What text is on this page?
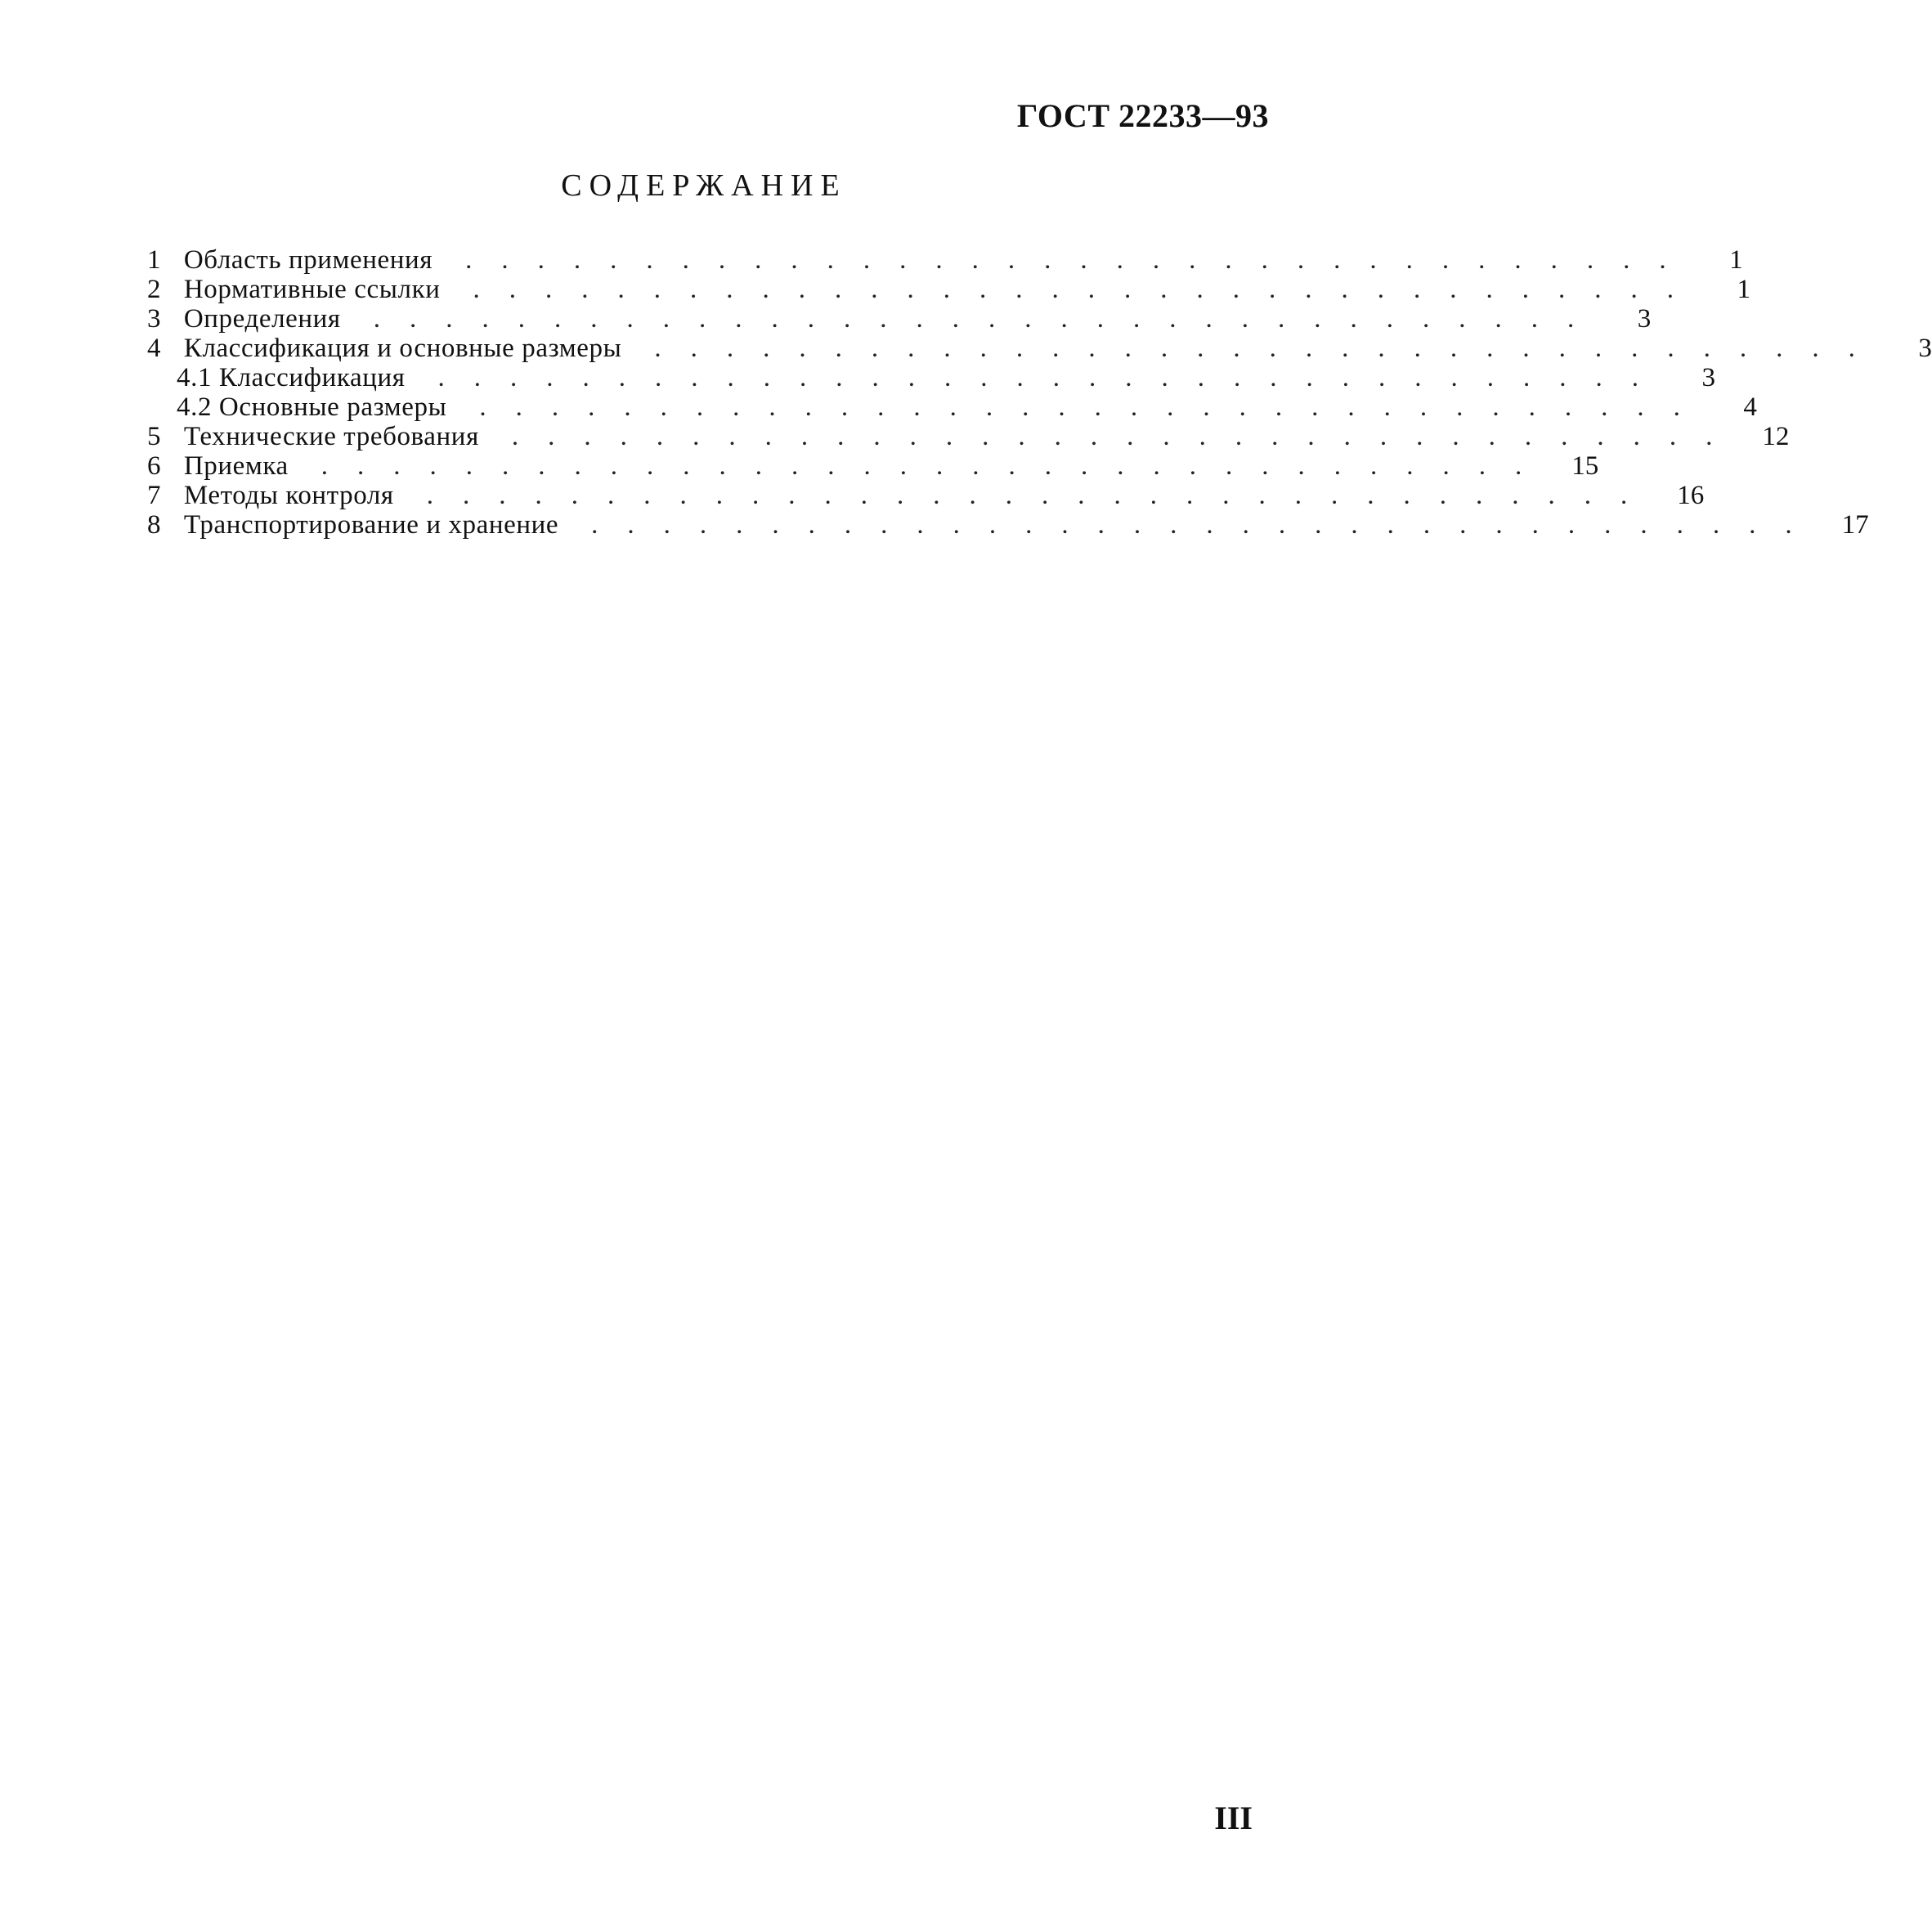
ГОСТ 22233—93
СОДЕРЖАНИЕ
1 Область применения	..................................	1
2 Нормативные ссылки	..................................	1
3 Определения	..................................	3
4 Классификация и основные размеры	..................................	3
4.1 Классификация	..................................	3
4.2 Основные размеры	..................................	4
5 Технические требования	.................................. 12
6 Приемка	.................................. 15
7 Методы контроля	.................................. 16
8 Транспортирование и хранение	.................................. 17
III
